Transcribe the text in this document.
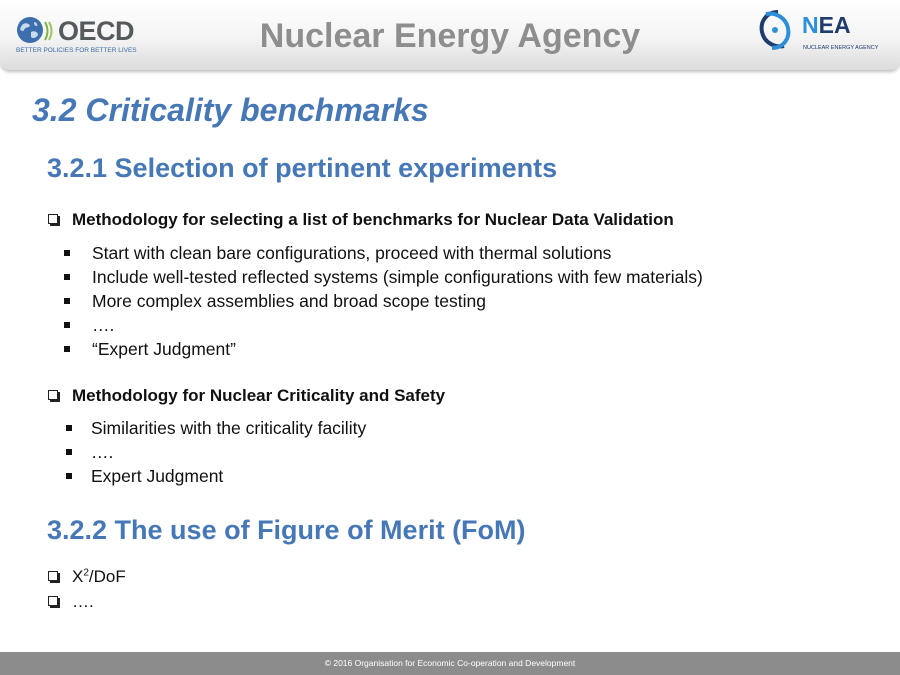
OECD
BETTER POLICIES FOR BETTER LIVES	Nuclear Energy Agency	NEA
NUCLEAR ENERGY AGENCY
3.2 Criticality benchmarks
3.2.1 Selection of pertinent experiments
Methodology for selecting a list of benchmarks for Nuclear Data Validation
Start with clean bare configurations, proceed with thermal solutions
Include well-tested reflected systems (simple configurations with few materials)
More complex assemblies and broad scope testing
….
“Expert Judgment”
Methodology for Nuclear Criticality and Safety
Similarities with the criticality facility
….
Expert Judgment
3.2.2 The use of Figure of Merit (FoM)
$X^2$/DoF
….
© 2016 Organisation for Economic Co-operation and Development
